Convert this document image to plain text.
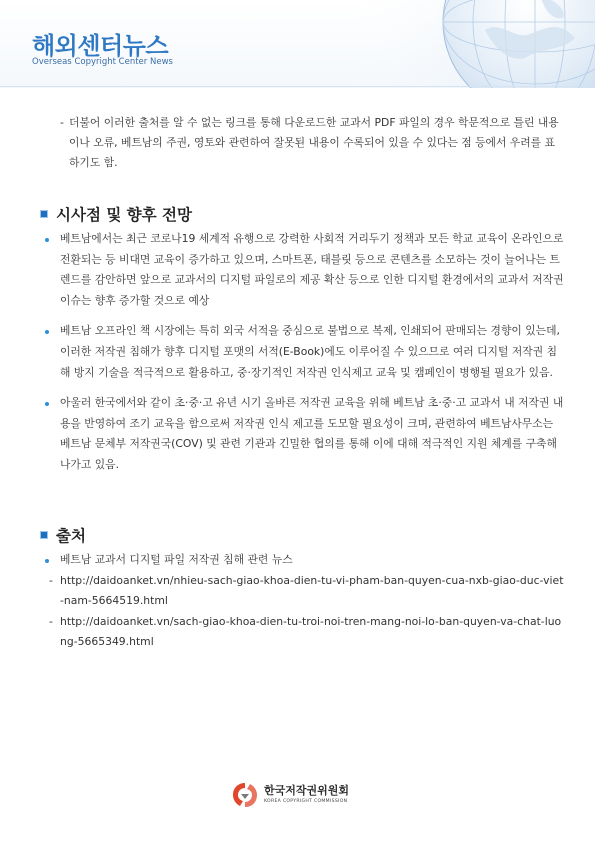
해외센터뉴스
Overseas Copyright Center News
- 더불어 이러한 출처를 알 수 없는 링크를 통해 다운로드한 교과서 PDF 파일의 경우 학문적으로 틀린 내용이나 오류, 베트남의 주권, 영토와 관련하여 잘못된 내용이 수록되어 있을 수 있다는 점 등에서 우려를 표하기도 함.
시사점 및 향후 전망
베트남에서는 최근 코로나19 세계적 유행으로 강력한 사회적 거리두기 정책과 모든 학교 교육이 온라인으로 전환되는 등 비대면 교육이 증가하고 있으며, 스마트폰, 태블릿 등으로 콘텐츠를 소모하는 것이 늘어나는 트렌드를 감안하면 앞으로 교과서의 디지털 파일로의 제공 확산 등으로 인한 디지털 환경에서의 교과서 저작권 이슈는 향후 증가할 것으로 예상
베트남 오프라인 책 시장에는 특히 외국 서적을 중심으로 불법으로 복제, 인쇄되어 판매되는 경향이 있는데, 이러한 저작권 침해가 향후 디지털 포맷의 서적(E-Book)에도 이루어질 수 있으므로 여러 디지털 저작권 침해 방지 기술을 적극적으로 활용하고, 중·장기적인 저작권 인식제고 교육 및 캠페인이 병행될 필요가 있음.
아울러 한국에서와 같이 초·중·고 유년 시기 올바른 저작권 교육을 위해 베트남 초·중·고 교과서 내 저작권 내용을 반영하여 조기 교육을 함으로써 저작권 인식 제고를 도모할 필요성이 크며, 관련하여 베트남사무소는 베트남 문체부 저작권국(COV) 및 관련 기관과 긴밀한 협의를 통해 이에 대해 적극적인 지원 체계를 구축해나가고 있음.
출처
베트남 교과서 디지털 파일 저작권 침해 관련 뉴스
- http://daidoanket.vn/nhieu-sach-giao-khoa-dien-tu-vi-pham-ban-quyen-cua-nxb-giao-duc-viet-nam-5664519.html
- http://daidoanket.vn/sach-giao-khoa-dien-tu-troi-noi-tren-mang-noi-lo-ban-quyen-va-chat-luong-5665349.html
한국저작권위원회
KOREA COPYRIGHT COMMISSION
